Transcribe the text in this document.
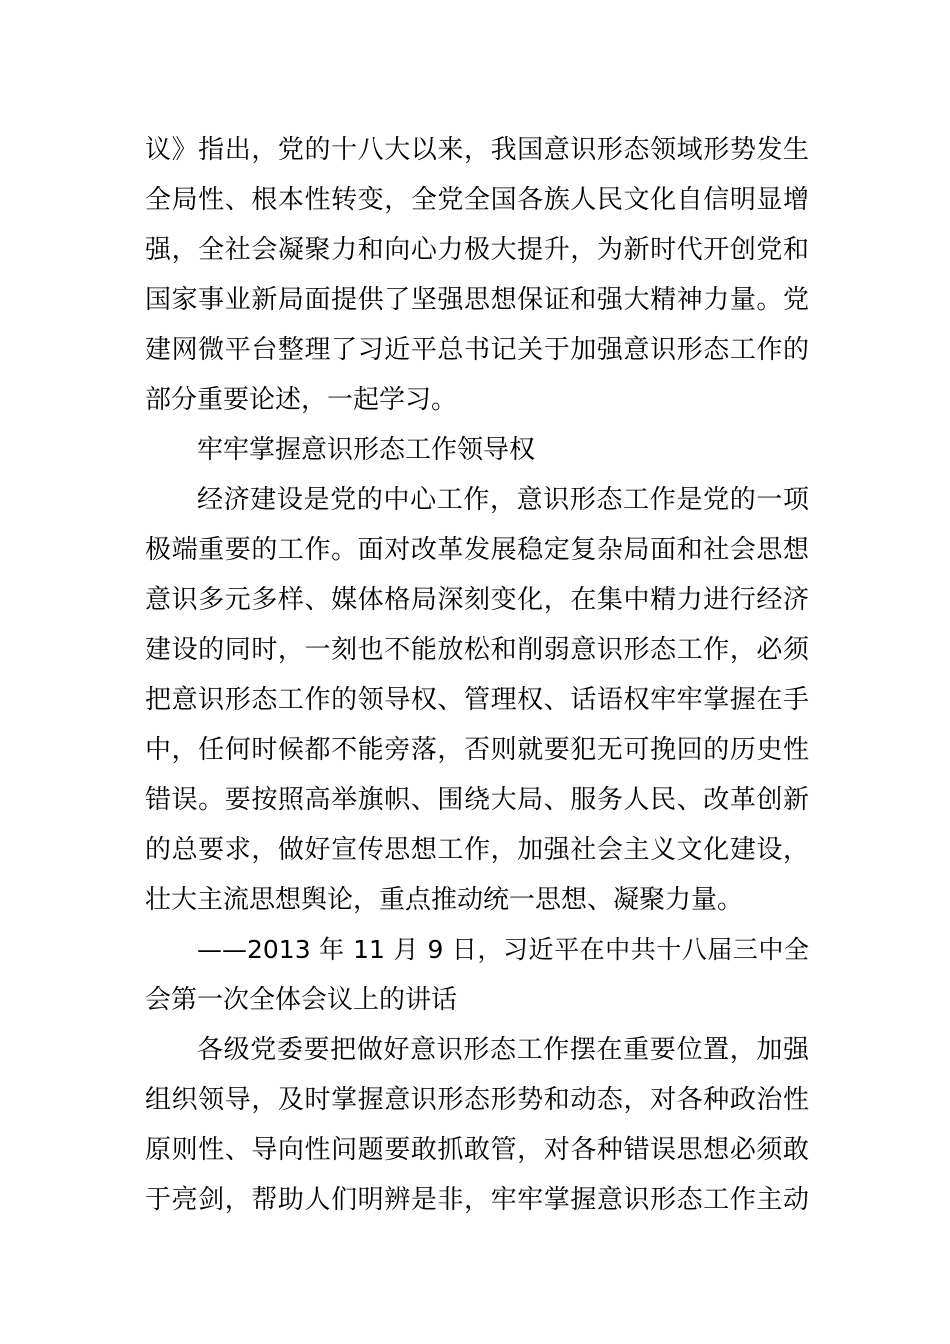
议》指出，党的十八大以来，我国意识形态领域形势发生
全局性、根本性转变，全党全国各族人民文化自信明显增
强，全社会凝聚力和向心力极大提升，为新时代开创党和
国家事业新局面提供了坚强思想保证和强大精神力量。党
建网微平台整理了习近平总书记关于加强意识形态工作的
部分重要论述，一起学习。
牢牢掌握意识形态工作领导权
经济建设是党的中心工作，意识形态工作是党的一项
极端重要的工作。面对改革发展稳定复杂局面和社会思想
意识多元多样、媒体格局深刻变化，在集中精力进行经济
建设的同时，一刻也不能放松和削弱意识形态工作，必须
把意识形态工作的领导权、管理权、话语权牢牢掌握在手
中，任何时候都不能旁落，否则就要犯无可挽回的历史性
错误。要按照高举旗帜、围绕大局、服务人民、改革创新
的总要求，做好宣传思想工作，加强社会主义文化建设，
壮大主流思想舆论，重点推动统一思想、凝聚力量。
——2013 年 11 月 9 日，习近平在中共十八届三中全
会第一次全体会议上的讲话
各级党委要把做好意识形态工作摆在重要位置，加强
组织领导，及时掌握意识形态形势和动态，对各种政治性
原则性、导向性问题要敢抓敢管，对各种错误思想必须敢
于亮剑，帮助人们明辨是非，牢牢掌握意识形态工作主动
